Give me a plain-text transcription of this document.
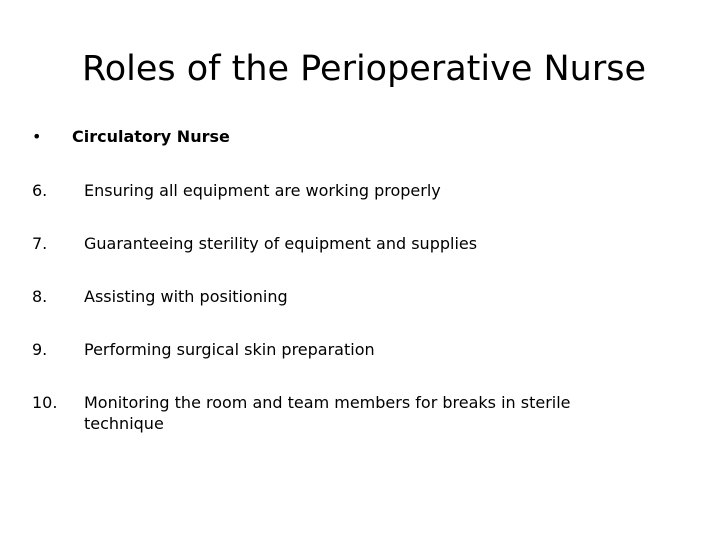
Roles of the Perioperative Nurse
•	Circulatory Nurse
6.	Ensuring all equipment are working properly
7.	Guaranteeing sterility of equipment and supplies
8.	Assisting with positioning
9.	Performing surgical skin preparation
10.	Monitoring the room and team members for breaks in sterile technique
